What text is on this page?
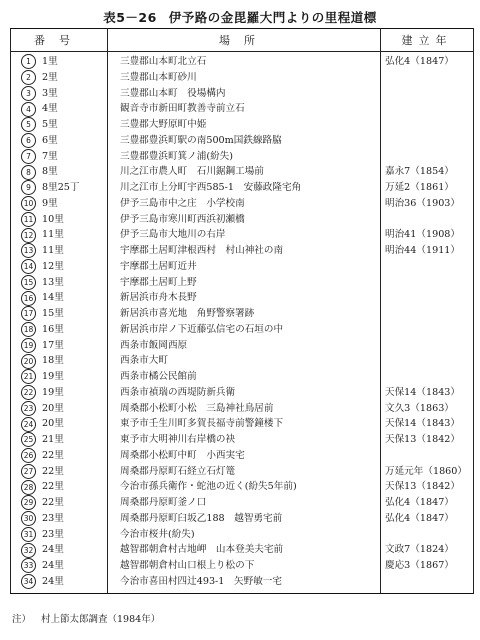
表5－26 伊予路の金毘羅大門よりの里程道標
番号	場所	建立年
1 1里	三豊郡山本町北立石	弘化4（1847）
2 2里	三豊郡山本町砂川	
3 3里	三豊郡山本町　役場構内	
4 4里	観音寺市新田町教善寺前立石	
5 5里	三豊郡大野原町中姫	
6 6里	三豊郡豊浜町駅の南500m国鉄線路脇	
7 7里	三豊郡豊浜町箕ノ浦(紛失)	
8 8里	川之江市農人町　石川鋸鋼工場前	嘉永7（1854）
9 8里25丁	川之江市上分町宇西585-1　安藤政隆宅角	万延2（1861）
10 9里	伊予三島市中之庄　小学校南	明治36（1903）
11 10里	伊予三島市寒川町西浜初瀬橋	
12 11里	伊予三島市大地川の右岸	明治41（1908）
13 11里	宇摩郡土居町津根西村　村山神社の南	明治44（1911）
14 12里	宇摩郡土居町近井	
15 13里	宇摩郡土居町上野	
16 14里	新居浜市舟木長野	
17 15里	新居浜市喜光地　角野警察署跡	
18 16里	新居浜市岸ノ下近藤弘信宅の石垣の中	
19 17里	西条市飯岡西原	
20 18里	西条市大町	
21 19里	西条市橘公民館前	
22 19里	西条市禎瑞の西堤防新兵衛	天保14（1843）
23 20里	周桑郡小松町小松　三島神社鳥居前	文久3（1863）
24 20里	東予市壬生川町多賀長福寺前警鐘楼下	天保14（1843）
25 21里	東予市大明神川右岸橋の袂	天保13（1842）
26 22里	周桑郡小松町中町　小西実宅	
27 22里	周桑郡丹原町石経立石灯篭	万延元年（1860）
28 22里	今治市孫兵衛作・蛇池の近く(紛失5年前)	天保13（1842）
29 22里	周桑郡丹原町釜ノ口	弘化4（1847）
30 23里	周桑郡丹原町臼坂乙188　越智勇宅前	弘化4（1847）
31 23里	今治市桜井(紛失)	
32 24里	越智郡朝倉村古地岬　山本登美夫宅前	文政7（1824）
33 24里	越智郡朝倉村山口根上り松の下	慶応3（1867）
34 24里	今治市喜田村四辻493-1　矢野敏一宅	
注） 村上節太郎調査（1984年）
